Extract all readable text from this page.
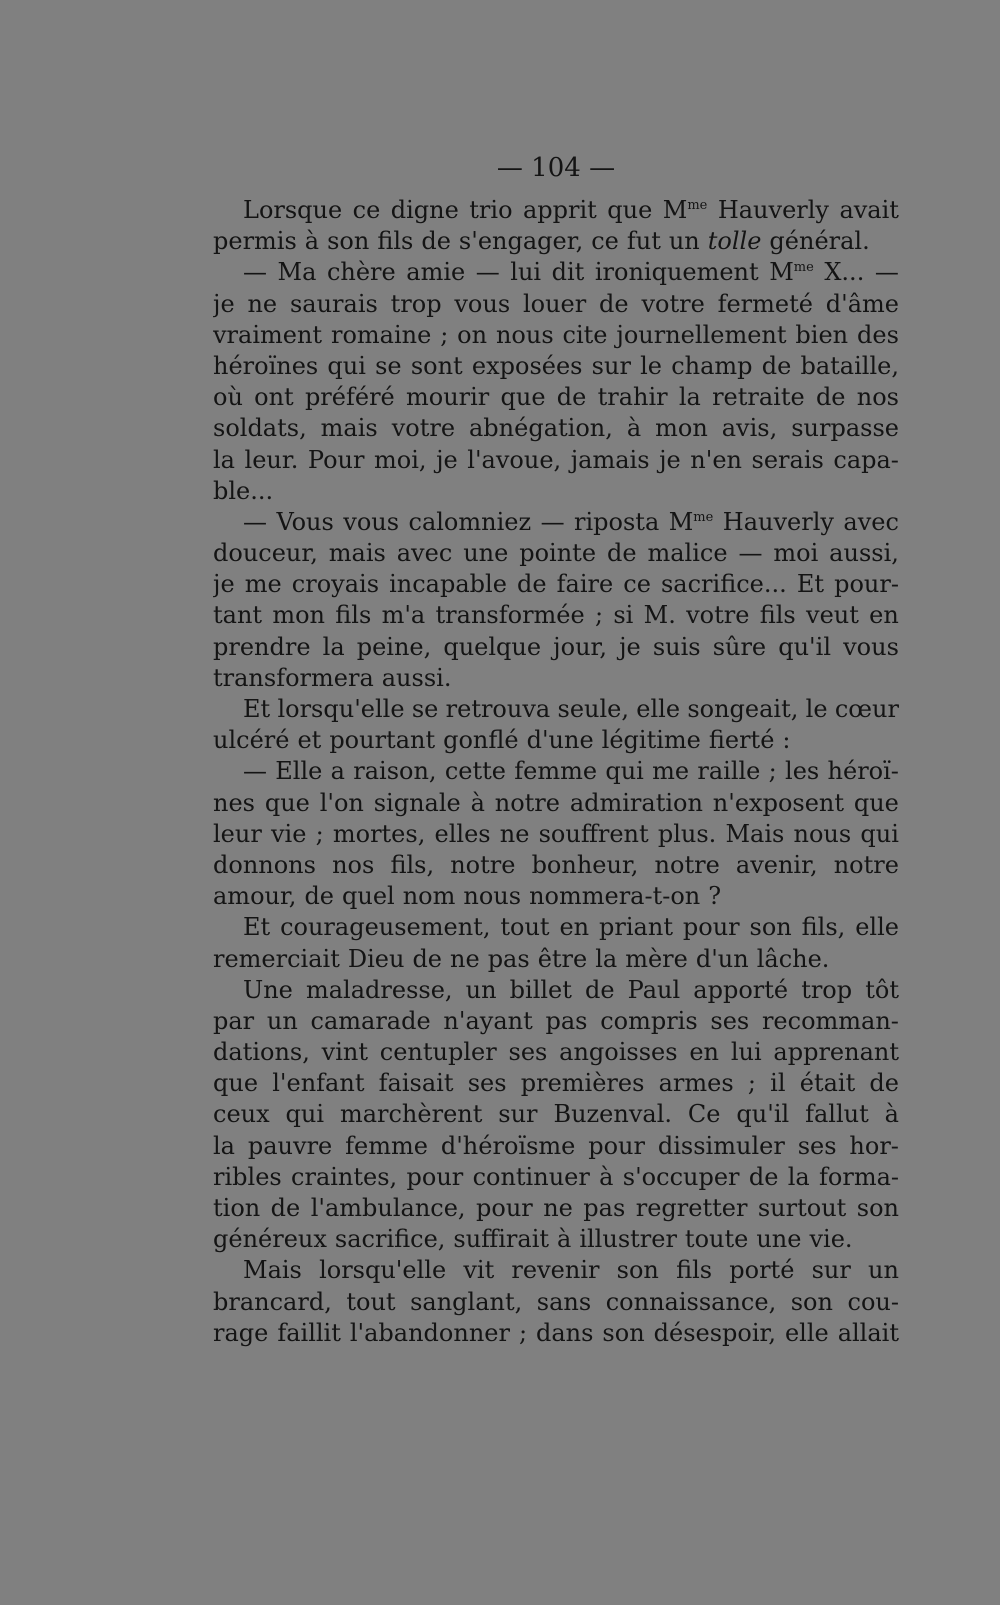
— 104 —
Lorsque ce digne trio apprit que $M^{me}$ Hauverly avait
permis à son fils de s'engager, ce fut un tolle général.
— Ma chère amie — lui dit ironiquement $M^{me}$ X... —
je ne saurais trop vous louer de votre fermeté d'âme
vraiment romaine ; on nous cite journellement bien des
héroïnes qui se sont exposées sur le champ de bataille,
où ont préféré mourir que de trahir la retraite de nos
soldats, mais votre abnégation, à mon avis, surpasse
la leur. Pour moi, je l'avoue, jamais je n'en serais capa-
ble...
— Vous vous calomniez — riposta $M^{me}$ Hauverly avec
douceur, mais avec une pointe de malice — moi aussi,
je me croyais incapable de faire ce sacrifice... Et pour-
tant mon fils m'a transformée ; si M. votre fils veut en
prendre la peine, quelque jour, je suis sûre qu'il vous
transformera aussi.
Et lorsqu'elle se retrouva seule, elle songeait, le cœur
ulcéré et pourtant gonflé d'une légitime fierté :
— Elle a raison, cette femme qui me raille ; les héroï-
nes que l'on signale à notre admiration n'exposent que
leur vie ; mortes, elles ne souffrent plus. Mais nous qui
donnons nos fils, notre bonheur, notre avenir, notre
amour, de quel nom nous nommera-t-on ?
Et courageusement, tout en priant pour son fils, elle
remerciait Dieu de ne pas être la mère d'un lâche.
Une maladresse, un billet de Paul apporté trop tôt
par un camarade n'ayant pas compris ses recomman-
dations, vint centupler ses angoisses en lui apprenant
que l'enfant faisait ses premières armes ; il était de
ceux qui marchèrent sur Buzenval. Ce qu'il fallut à
la pauvre femme d'héroïsme pour dissimuler ses hor-
ribles craintes, pour continuer à s'occuper de la forma-
tion de l'ambulance, pour ne pas regretter surtout son
généreux sacrifice, suffirait à illustrer toute une vie.
Mais lorsqu'elle vit revenir son fils porté sur un
brancard, tout sanglant, sans connaissance, son cou-
rage faillit l'abandonner ; dans son désespoir, elle allait
